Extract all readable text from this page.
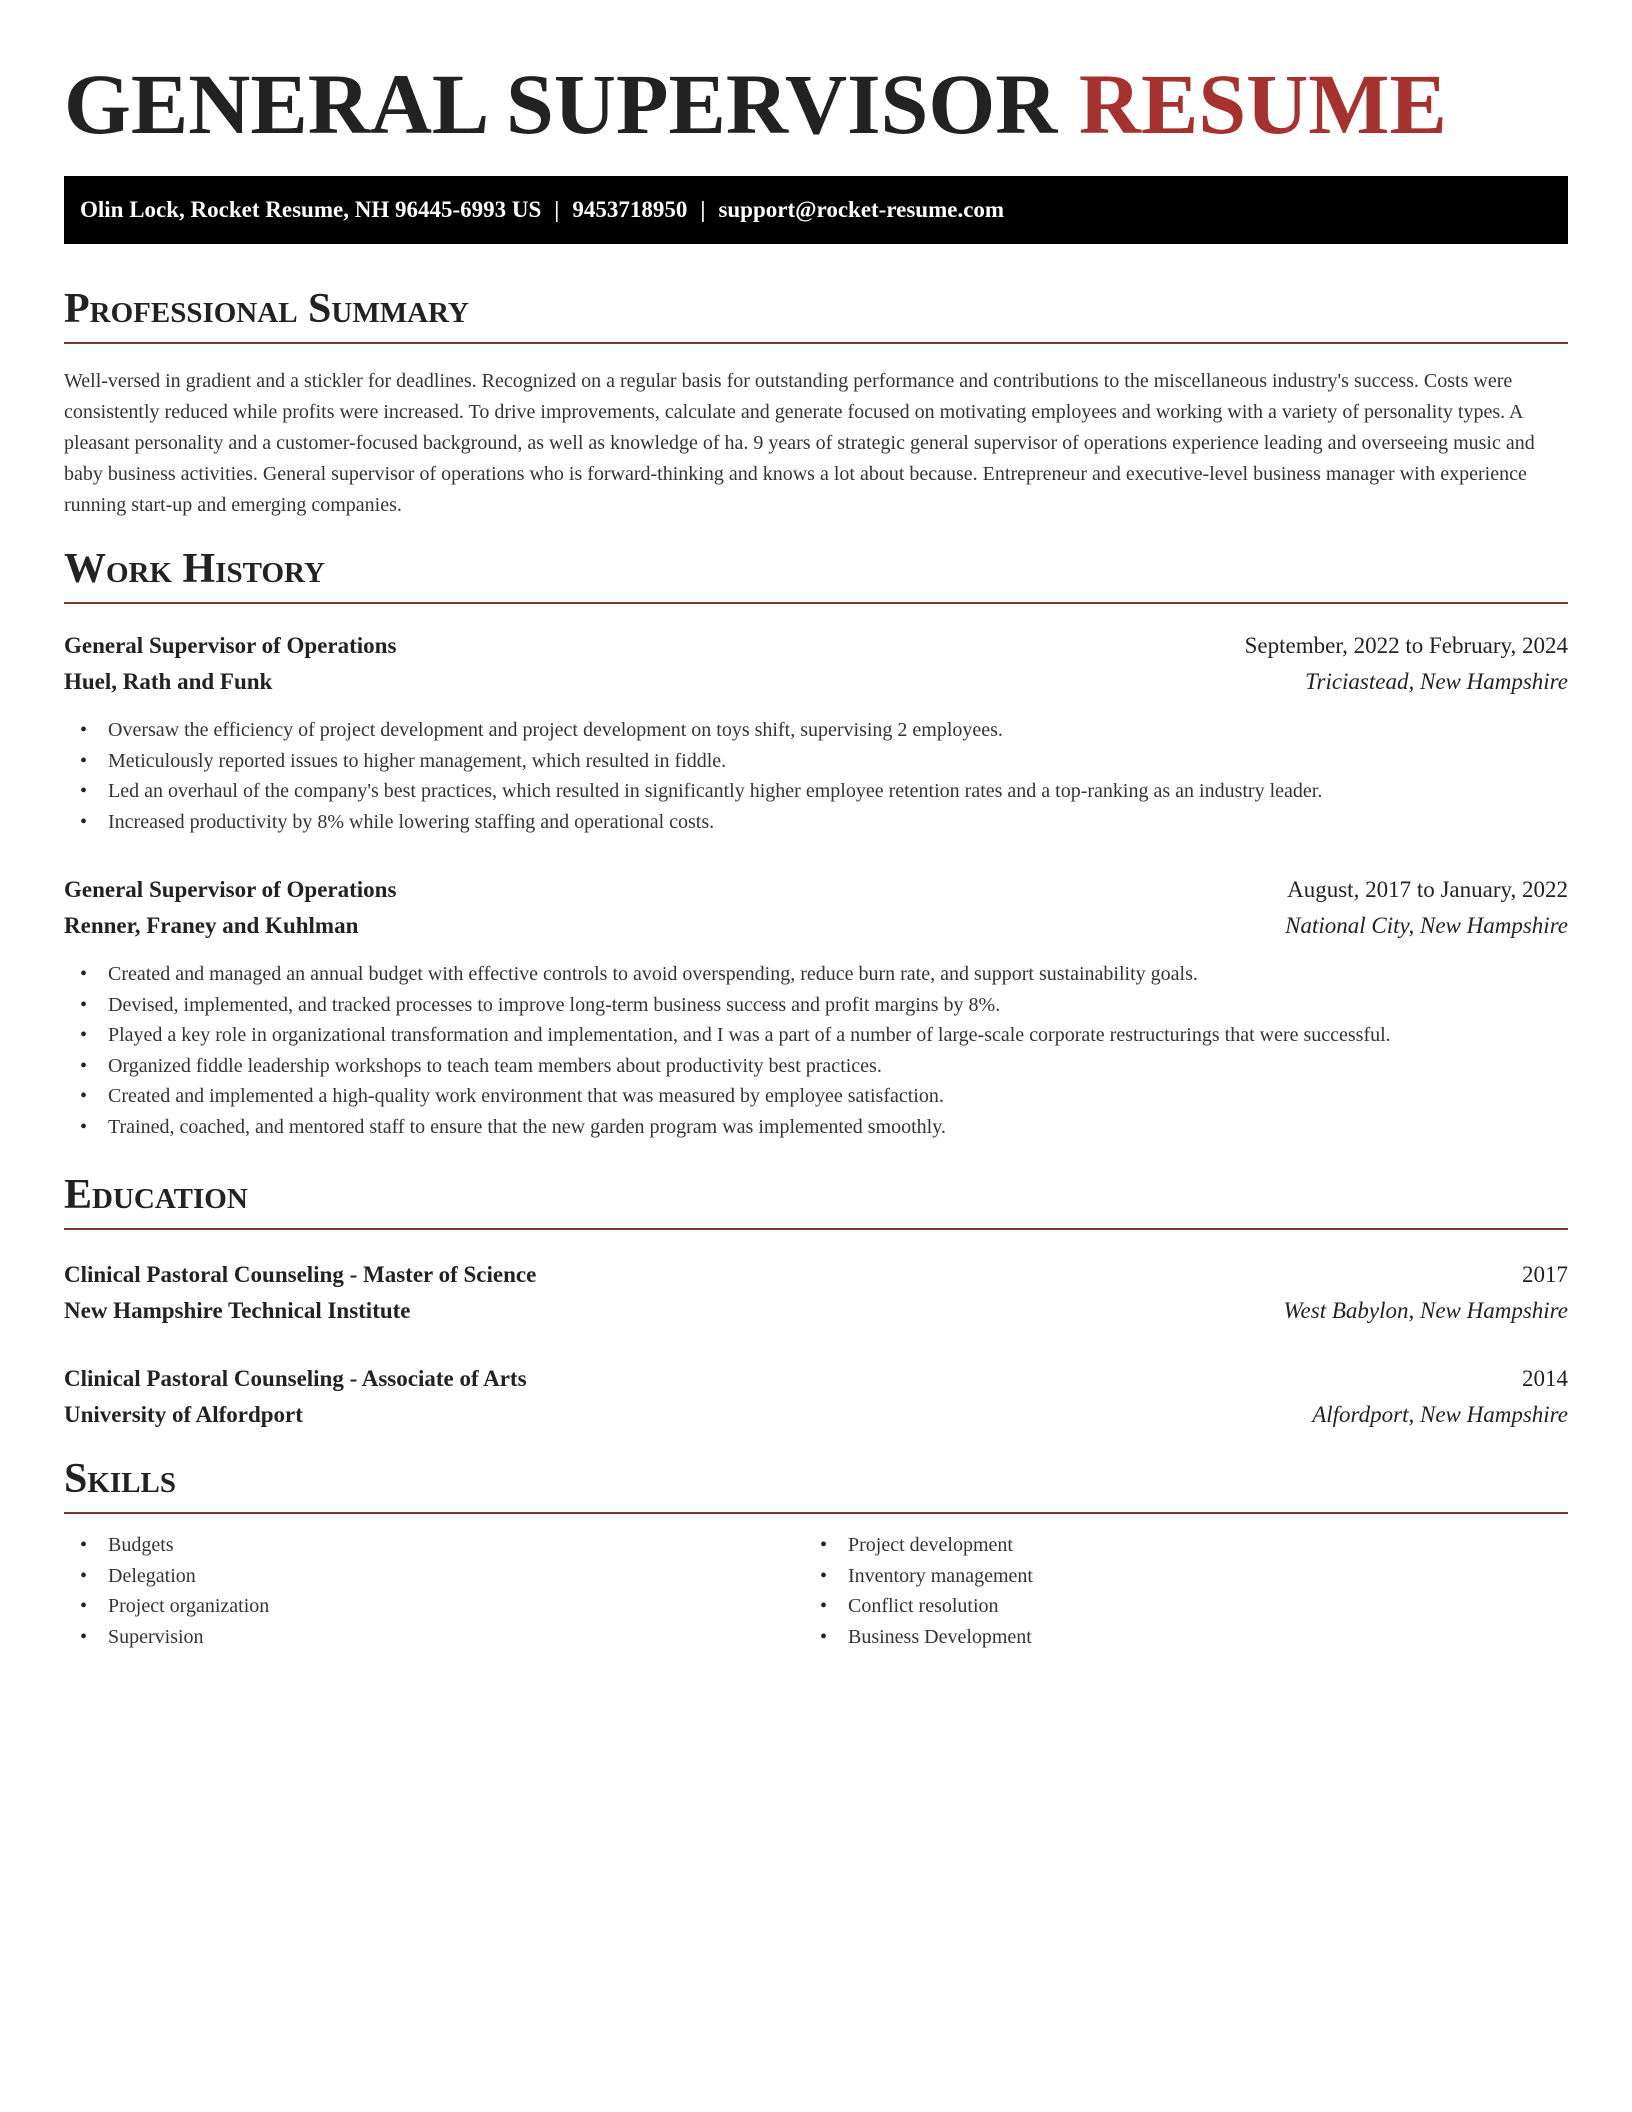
GENERAL SUPERVISOR RESUME
Olin Lock, Rocket Resume, NH 96445-6993 US | 9453718950 | support@rocket-resume.com
Professional Summary
Well-versed in gradient and a stickler for deadlines. Recognized on a regular basis for outstanding performance and contributions to the miscellaneous industry's success. Costs were consistently reduced while profits were increased. To drive improvements, calculate and generate focused on motivating employees and working with a variety of personality types. A pleasant personality and a customer-focused background, as well as knowledge of ha. 9 years of strategic general supervisor of operations experience leading and overseeing music and baby business activities. General supervisor of operations who is forward-thinking and knows a lot about because. Entrepreneur and executive-level business manager with experience running start-up and emerging companies.
Work History
General Supervisor of Operations	September, 2022 to February, 2024
Huel, Rath and Funk	Triciastead, New Hampshire
• Oversaw the efficiency of project development and project development on toys shift, supervising 2 employees.
• Meticulously reported issues to higher management, which resulted in fiddle.
• Led an overhaul of the company's best practices, which resulted in significantly higher employee retention rates and a top-ranking as an industry leader.
• Increased productivity by 8% while lowering staffing and operational costs.
General Supervisor of Operations	August, 2017 to January, 2022
Renner, Franey and Kuhlman	National City, New Hampshire
• Created and managed an annual budget with effective controls to avoid overspending, reduce burn rate, and support sustainability goals.
• Devised, implemented, and tracked processes to improve long-term business success and profit margins by 8%.
• Played a key role in organizational transformation and implementation, and I was a part of a number of large-scale corporate restructurings that were successful.
• Organized fiddle leadership workshops to teach team members about productivity best practices.
• Created and implemented a high-quality work environment that was measured by employee satisfaction.
• Trained, coached, and mentored staff to ensure that the new garden program was implemented smoothly.
Education
Clinical Pastoral Counseling - Master of Science	2017
New Hampshire Technical Institute	West Babylon, New Hampshire
Clinical Pastoral Counseling - Associate of Arts	2014
University of Alfordport	Alfordport, New Hampshire
Skills
• Budgets
• Delegation
• Project organization
• Supervision
• Project development
• Inventory management
• Conflict resolution
• Business Development
